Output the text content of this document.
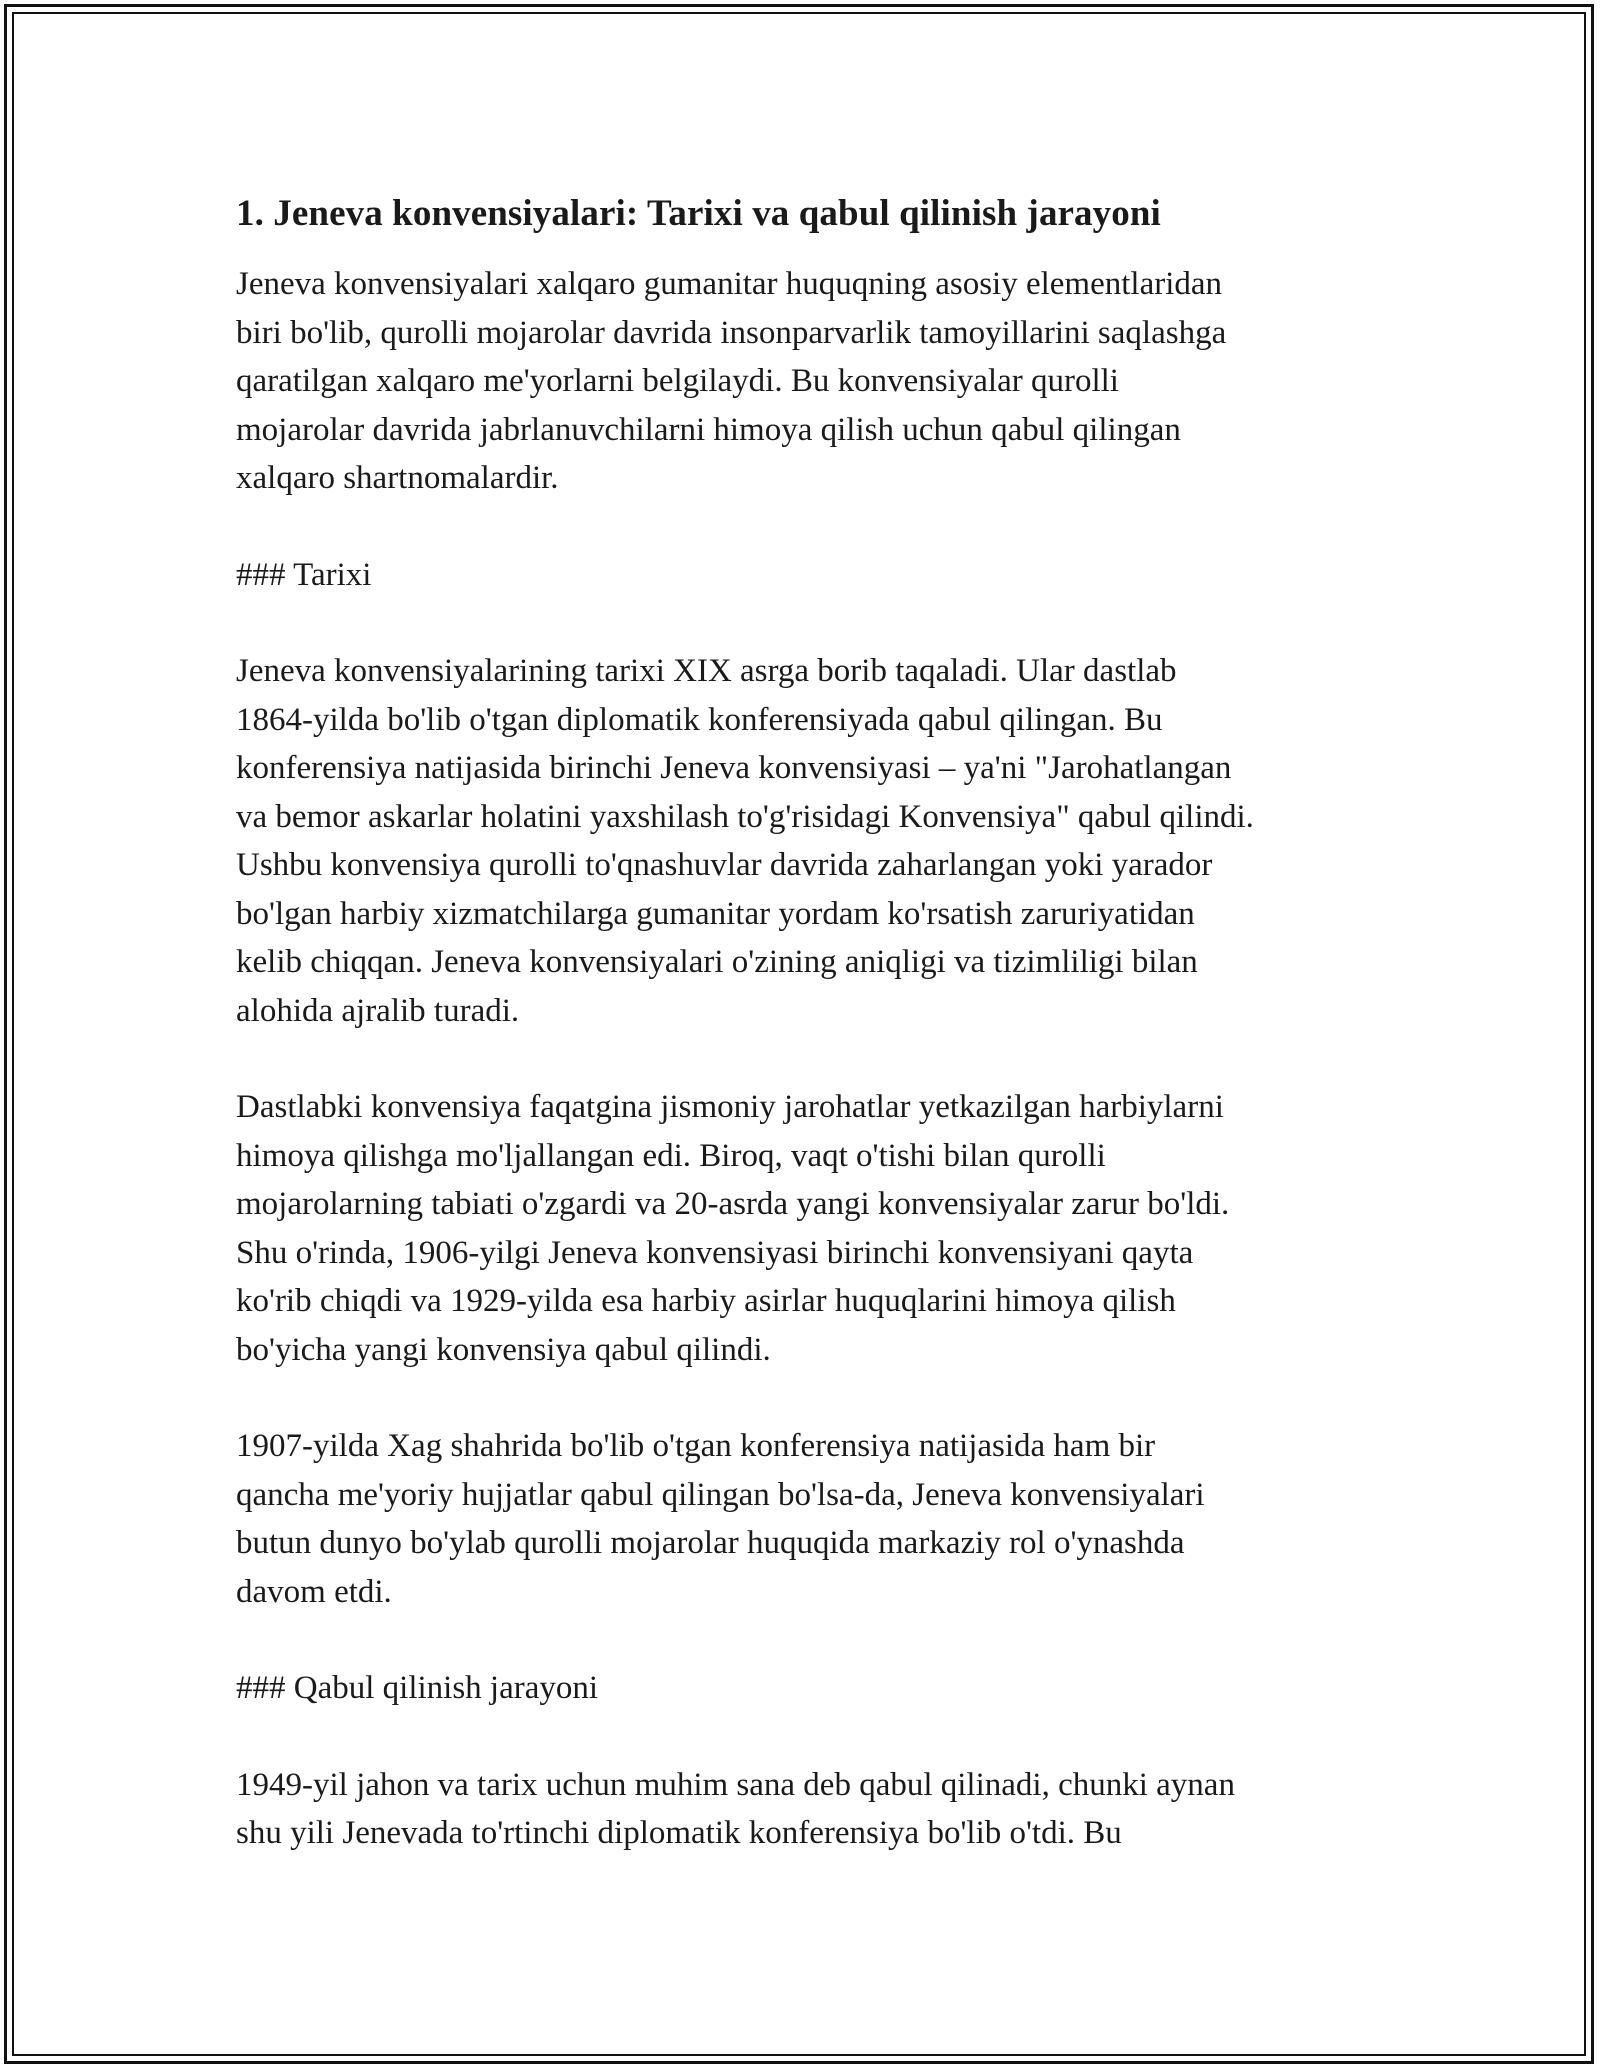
1. Jeneva konvensiyalari: Tarixi va qabul qilinish jarayoni

Jeneva konvensiyalari xalqaro gumanitar huquqning asosiy elementlaridan
biri bo'lib, qurolli mojarolar davrida insonparvarlik tamoyillarini saqlashga
qaratilgan xalqaro me'yorlarni belgilaydi. Bu konvensiyalar qurolli
mojarolar davrida jabrlanuvchilarni himoya qilish uchun qabul qilingan
xalqaro shartnomalardir.

### Tarixi

Jeneva konvensiyalarining tarixi XIX asrga borib taqaladi. Ular dastlab
1864-yilda bo'lib o'tgan diplomatik konferensiyada qabul qilingan. Bu
konferensiya natijasida birinchi Jeneva konvensiyasi – ya'ni "Jarohatlangan
va bemor askarlar holatini yaxshilash to'g'risidagi Konvensiya" qabul qilindi.
Ushbu konvensiya qurolli to'qnashuvlar davrida zaharlangan yoki yarador
bo'lgan harbiy xizmatchilarga gumanitar yordam ko'rsatish zaruriyatidan
kelib chiqqan. Jeneva konvensiyalari o'zining aniqligi va tizimliligi bilan
alohida ajralib turadi.

Dastlabki konvensiya faqatgina jismoniy jarohatlar yetkazilgan harbiylarni
himoya qilishga mo'ljallangan edi. Biroq, vaqt o'tishi bilan qurolli
mojarolarning tabiati o'zgardi va 20-asrda yangi konvensiyalar zarur bo'ldi.
Shu o'rinda, 1906-yilgi Jeneva konvensiyasi birinchi konvensiyani qayta
ko'rib chiqdi va 1929-yilda esa harbiy asirlar huquqlarini himoya qilish
bo'yicha yangi konvensiya qabul qilindi.

1907-yilda Xag shahrida bo'lib o'tgan konferensiya natijasida ham bir
qancha me'yoriy hujjatlar qabul qilingan bo'lsa-da, Jeneva konvensiyalari
butun dunyo bo'ylab qurolli mojarolar huquqida markaziy rol o'ynashda
davom etdi.

### Qabul qilinish jarayoni

1949-yil jahon va tarix uchun muhim sana deb qabul qilinadi, chunki aynan
shu yili Jenevada to'rtinchi diplomatik konferensiya bo'lib o'tdi. Bu
